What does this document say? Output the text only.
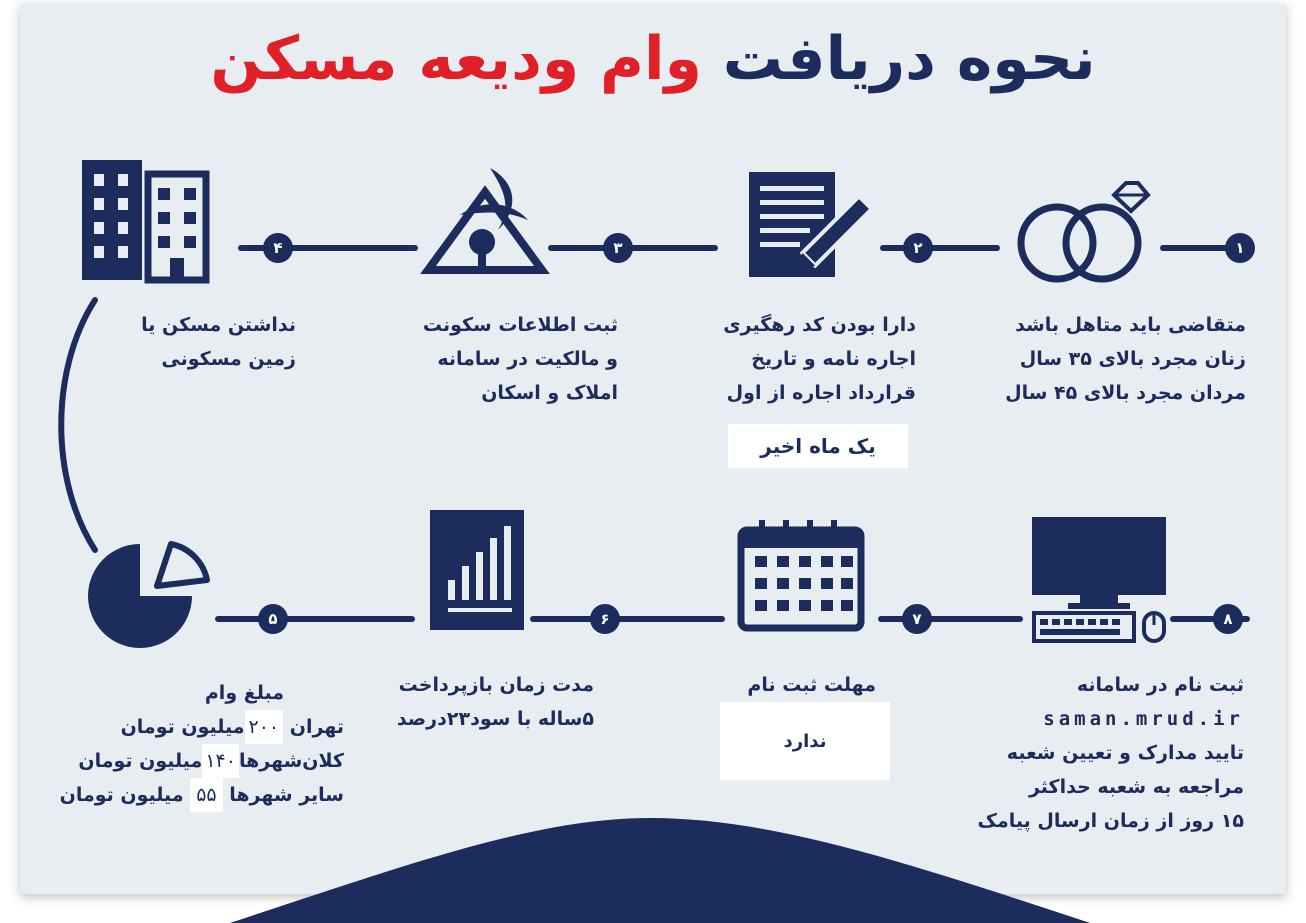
نحوه دریافت وام ودیعه مسکن
۱
۲
۳
۴
متقاضی باید متاهل باشد
زنان مجرد بالای ۳۵ سال
مردان مجرد بالای ۴۵ سال
دارا بودن کد رهگیری
اجاره نامه و تاریخ
قرارداد اجاره از اول
یک ماه اخیر
ثبت اطلاعات سکونت
و مالکیت در سامانه
املاک و اسکان
نداشتن مسکن یا
زمین مسکونی
۵	۶	۷	۸
مبلغ وام
تهران ۲۰۰میلیون تومان
کلان‌شهرها۱۴۰میلیون تومان
سایر شهرها ۵۵ میلیون تومان
مدت زمان بازپرداخت
۵ساله با سود۲۳درصد
مهلت ثبت نام
ندارد
ثبت نام در سامانه
saman.mrud.ir
تایید مدارک و تعیین شعبه
مراجعه به شعبه حداکثر
۱۵ روز از زمان ارسال پیامک
